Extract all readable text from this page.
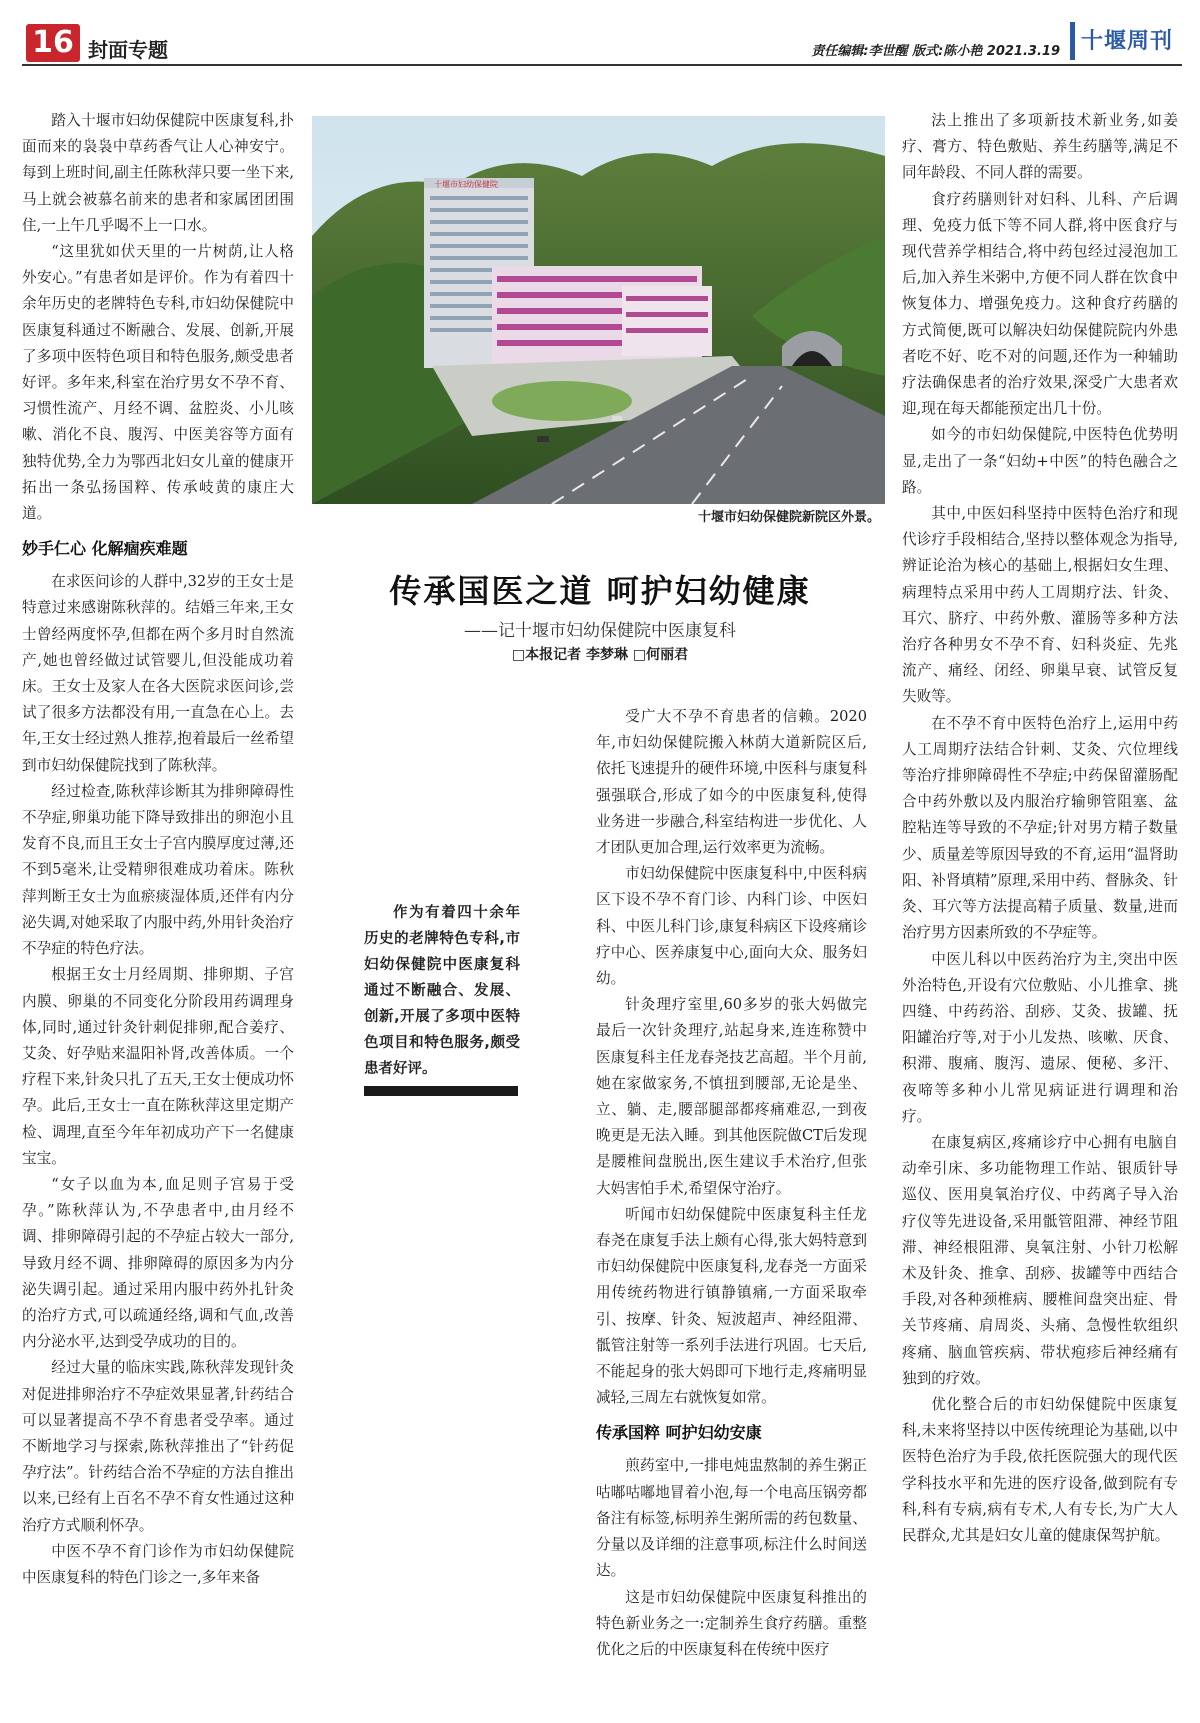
16 封面专题	责任编辑:李世醒 版式:陈小艳 2021.3.19 十堰周刊

踏入十堰市妇幼保健院中医康复科,扑面而来的袅袅中草药香气让人心神安宁。每到上班时间,副主任陈秋萍只要一坐下来,马上就会被慕名前来的患者和家属团团围住,一上午几乎喝不上一口水。

“这里犹如伏天里的一片树荫,让人格外安心。”有患者如是评价。作为有着四十余年历史的老牌特色专科,市妇幼保健院中医康复科通过不断融合、发展、创新,开展了多项中医特色项目和特色服务,颇受患者好评。多年来,科室在治疗男女不孕不育、习惯性流产、月经不调、盆腔炎、小儿咳嗽、消化不良、腹泻、中医美容等方面有独特优势,全力为鄂西北妇女儿童的健康开拓出一条弘扬国粹、传承岐黄的康庄大道。

妙手仁心 化解痼疾难题

在求医问诊的人群中,32岁的王女士是特意过来感谢陈秋萍的。结婚三年来,王女士曾经两度怀孕,但都在两个多月时自然流产,她也曾经做过试管婴儿,但没能成功着床。王女士及家人在各大医院求医问诊,尝试了很多方法都没有用,一直急在心上。去年,王女士经过熟人推荐,抱着最后一丝希望到市妇幼保健院找到了陈秋萍。

经过检查,陈秋萍诊断其为排卵障碍性不孕症,卵巢功能下降导致排出的卵泡小且发育不良,而且王女士子宫内膜厚度过薄,还不到5毫米,让受精卵很难成功着床。陈秋萍判断王女士为血瘀痰湿体质,还伴有内分泌失调,对她采取了内服中药,外用针灸治疗不孕症的特色疗法。

根据王女士月经周期、排卵期、子宫内膜、卵巢的不同变化分阶段用药调理身体,同时,通过针灸针刺促排卵,配合姜疗、艾灸、好孕贴来温阳补肾,改善体质。一个疗程下来,针灸只扎了五天,王女士便成功怀孕。此后,王女士一直在陈秋萍这里定期产检、调理,直至今年年初成功产下一名健康宝宝。

“女子以血为本,血足则子宫易于受孕。”陈秋萍认为,不孕患者中,由月经不调、排卵障碍引起的不孕症占较大一部分,导致月经不调、排卵障碍的原因多为内分泌失调引起。通过采用内服中药外扎针灸的治疗方式,可以疏通经络,调和气血,改善内分泌水平,达到受孕成功的目的。

经过大量的临床实践,陈秋萍发现针灸对促进排卵治疗不孕症效果显著,针药结合可以显著提高不孕不育患者受孕率。通过不断地学习与探索,陈秋萍推出了“针药促孕疗法”。针药结合治不孕症的方法自推出以来,已经有上百名不孕不育女性通过这种治疗方式顺利怀孕。

中医不孕不育门诊作为市妇幼保健院中医康复科的特色门诊之一,多年来备

十堰市妇幼保健院
十堰市妇幼保健院新院区外景。
传承国医之道 呵护妇幼健康
——记十堰市妇幼保健院中医康复科
□本报记者 李梦琳 □何丽君
作为有着四十余年历史的老牌特色专科,市妇幼保健院中医康复科通过不断融合、发展、创新,开展了多项中医特色项目和特色服务,颇受患者好评。

受广大不孕不育患者的信赖。2020年,市妇幼保健院搬入林荫大道新院区后,依托飞速提升的硬件环境,中医科与康复科强强联合,形成了如今的中医康复科,使得业务进一步融合,科室结构进一步优化、人才团队更加合理,运行效率更为流畅。

市妇幼保健院中医康复科中,中医科病区下设不孕不育门诊、内科门诊、中医妇科、中医儿科门诊,康复科病区下设疼痛诊疗中心、医养康复中心,面向大众、服务妇幼。

针灸理疗室里,60多岁的张大妈做完最后一次针灸理疗,站起身来,连连称赞中医康复科主任龙春尧技艺高超。半个月前,她在家做家务,不慎扭到腰部,无论是坐、立、躺、走,腰部腿部都疼痛难忍,一到夜晚更是无法入睡。到其他医院做CT后发现是腰椎间盘脱出,医生建议手术治疗,但张大妈害怕手术,希望保守治疗。

听闻市妇幼保健院中医康复科主任龙春尧在康复手法上颇有心得,张大妈特意到市妇幼保健院中医康复科,龙春尧一方面采用传统药物进行镇静镇痛,一方面采取牵引、按摩、针灸、短波超声、神经阻滞、骶管注射等一系列手法进行巩固。七天后,不能起身的张大妈即可下地行走,疼痛明显减轻,三周左右就恢复如常。

传承国粹 呵护妇幼安康

煎药室中,一排电炖盅熬制的养生粥正咕嘟咕嘟地冒着小泡,每一个电高压锅旁都备注有标签,标明养生粥所需的药包数量、分量以及详细的注意事项,标注什么时间送达。

这是市妇幼保健院中医康复科推出的特色新业务之一:定制养生食疗药膳。重整优化之后的中医康复科在传统中医疗

法上推出了多项新技术新业务,如姜疗、膏方、特色敷贴、养生药膳等,满足不同年龄段、不同人群的需要。

食疗药膳则针对妇科、儿科、产后调理、免疫力低下等不同人群,将中医食疗与现代营养学相结合,将中药包经过浸泡加工后,加入养生米粥中,方便不同人群在饮食中恢复体力、增强免疫力。这种食疗药膳的方式简便,既可以解决妇幼保健院院内外患者吃不好、吃不对的问题,还作为一种辅助疗法确保患者的治疗效果,深受广大患者欢迎,现在每天都能预定出几十份。

如今的市妇幼保健院,中医特色优势明显,走出了一条“妇幼+中医”的特色融合之路。

其中,中医妇科坚持中医特色治疗和现代诊疗手段相结合,坚持以整体观念为指导,辨证论治为核心的基础上,根据妇女生理、病理特点采用中药人工周期疗法、针灸、耳穴、脐疗、中药外敷、灌肠等多种方法治疗各种男女不孕不育、妇科炎症、先兆流产、痛经、闭经、卵巢早衰、试管反复失败等。

在不孕不育中医特色治疗上,运用中药人工周期疗法结合针刺、艾灸、穴位埋线等治疗排卵障碍性不孕症;中药保留灌肠配合中药外敷以及内服治疗输卵管阻塞、盆腔粘连等导致的不孕症;针对男方精子数量少、质量差等原因导致的不育,运用“温肾助阳、补肾填精”原理,采用中药、督脉灸、针灸、耳穴等方法提高精子质量、数量,进而治疗男方因素所致的不孕症等。

中医儿科以中医药治疗为主,突出中医外治特色,开设有穴位敷贴、小儿推拿、挑四缝、中药药浴、刮痧、艾灸、拔罐、抚阳罐治疗等,对于小儿发热、咳嗽、厌食、积滞、腹痛、腹泻、遗尿、便秘、多汗、夜啼等多种小儿常见病证进行调理和治疗。

在康复病区,疼痛诊疗中心拥有电脑自动牵引床、多功能物理工作站、银质针导巡仪、医用臭氧治疗仪、中药离子导入治疗仪等先进设备,采用骶管阻滞、神经节阻滞、神经根阻滞、臭氧注射、小针刀松解术及针灸、推拿、刮痧、拔罐等中西结合手段,对各种颈椎病、腰椎间盘突出症、骨关节疼痛、肩周炎、头痛、急慢性软组织疼痛、脑血管疾病、带状疱疹后神经痛有独到的疗效。

优化整合后的市妇幼保健院中医康复科,未来将坚持以中医传统理论为基础,以中医特色治疗为手段,依托医院强大的现代医学科技水平和先进的医疗设备,做到院有专科,科有专病,病有专术,人有专长,为广大人民群众,尤其是妇女儿童的健康保驾护航。
